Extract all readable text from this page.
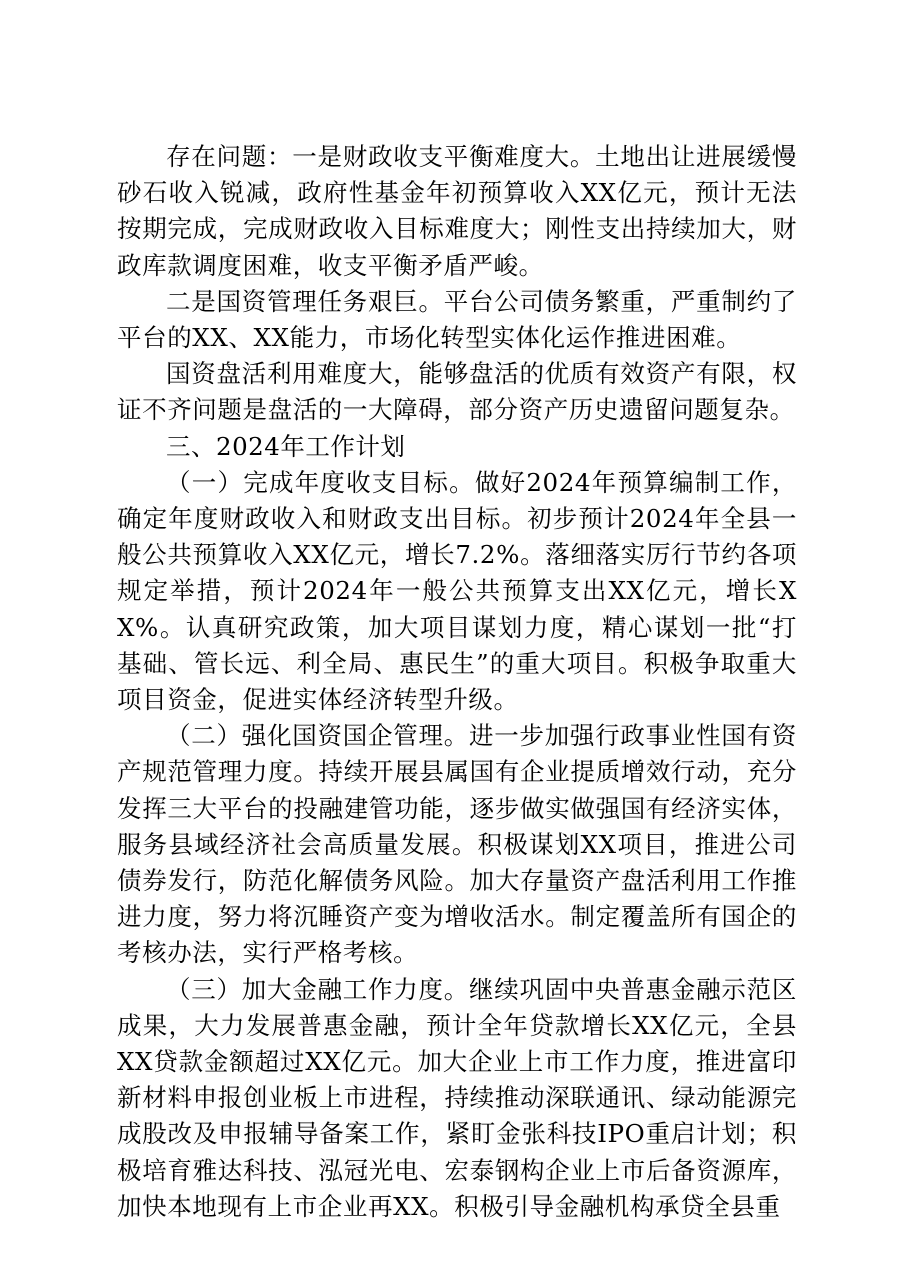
存在问题：一是财政收支平衡难度大。土地出让进展缓慢砂石收入锐减，政府性基金年初预算收入XX亿元，预计无法按期完成，完成财政收入目标难度大；刚性支出持续加大，财政库款调度困难，收支平衡矛盾严峻。

二是国资管理任务艰巨。平台公司债务繁重，严重制约了平台的XX、XX能力，市场化转型实体化运作推进困难。

国资盘活利用难度大，能够盘活的优质有效资产有限，权证不齐问题是盘活的一大障碍，部分资产历史遗留问题复杂。

三、2024年工作计划

（一）完成年度收支目标。做好2024年预算编制工作，确定年度财政收入和财政支出目标。初步预计2024年全县一般公共预算收入XX亿元，增长7.2%。落细落实厉行节约各项规定举措，预计2024年一般公共预算支出XX亿元，增长XX%。认真研究政策，加大项目谋划力度，精心谋划一批“打基础、管长远、利全局、惠民生”的重大项目。积极争取重大项目资金，促进实体经济转型升级。

（二）强化国资国企管理。进一步加强行政事业性国有资产规范管理力度。持续开展县属国有企业提质增效行动，充分发挥三大平台的投融建管功能，逐步做实做强国有经济实体，服务县域经济社会高质量发展。积极谋划XX项目，推进公司债券发行，防范化解债务风险。加大存量资产盘活利用工作推进力度，努力将沉睡资产变为增收活水。制定覆盖所有国企的考核办法，实行严格考核。

（三）加大金融工作力度。继续巩固中央普惠金融示范区成果，大力发展普惠金融，预计全年贷款增长XX亿元，全县XX贷款金额超过XX亿元。加大企业上市工作力度，推进富印新材料申报创业板上市进程，持续推动深联通讯、绿动能源完成股改及申报辅导备案工作，紧盯金张科技IPO重启计划；积极培育雅达科技、泓冠光电、宏泰钢构企业上市后备资源库，加快本地现有上市企业再XX。积极引导金融机构承贷全县重
